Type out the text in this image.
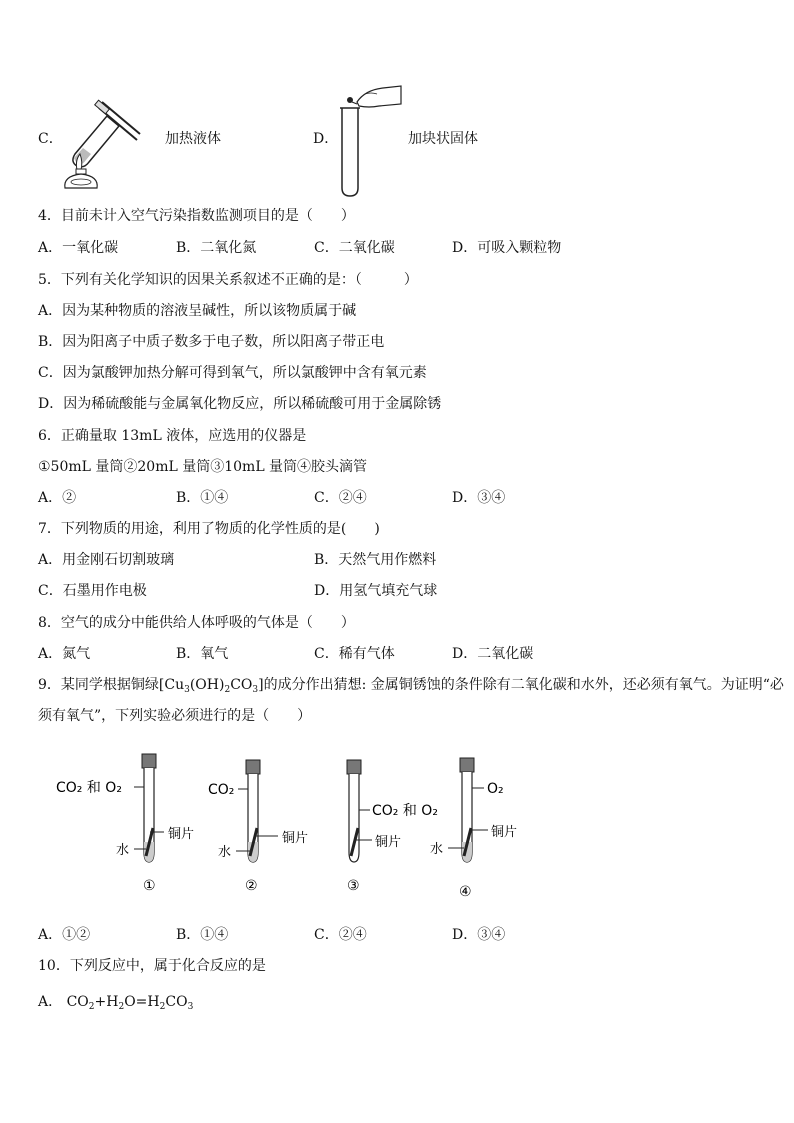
C．	加热液体	D．	加块状固体
4．目前未计入空气污染指数监测项目的是（　　）
A．一氧化碳	B．二氧化氮	C．二氧化碳	D．可吸入颗粒物
5．下列有关化学知识的因果关系叙述不正确的是：（　　　）
A．因为某种物质的溶液呈碱性，所以该物质属于碱
B．因为阳离子中质子数多于电子数，所以阳离子带正电
C．因为氯酸钾加热分解可得到氧气，所以氯酸钾中含有氧元素
D．因为稀硫酸能与金属氧化物反应，所以稀硫酸可用于金属除锈
6．正确量取 13mL 液体，应选用的仪器是
①50mL 量筒②20mL 量筒③10mL 量筒④胶头滴管
A．②	B．①④	C．②④	D．③④
7．下列物质的用途，利用了物质的化学性质的是(　　)
A．用金刚石切割玻璃	B．天然气用作燃料
C．石墨用作电极	D．用氢气填充气球
8．空气的成分中能供给人体呼吸的气体是（　　）
A．氮气	B．氧气	C．稀有气体	D．二氧化碳
9．某同学根据铜绿$[Cu_3(OH)_2CO_3]$的成分作出猜想: 金属铜锈蚀的条件除有二氧化碳和水外，还必须有氧气。为证明“必
须有氧气”，下列实验必须进行的是（　　）
CO₂ 和 O₂
铜片
水
①
CO₂
铜片
水
②
CO₂ 和 O₂
铜片
③
O₂
铜片
水
④
A．①②	B．①④	C．②④	D．③④
10．下列反应中，属于化合反应的是
A． $CO_2+H_2O=H_2CO_3$
